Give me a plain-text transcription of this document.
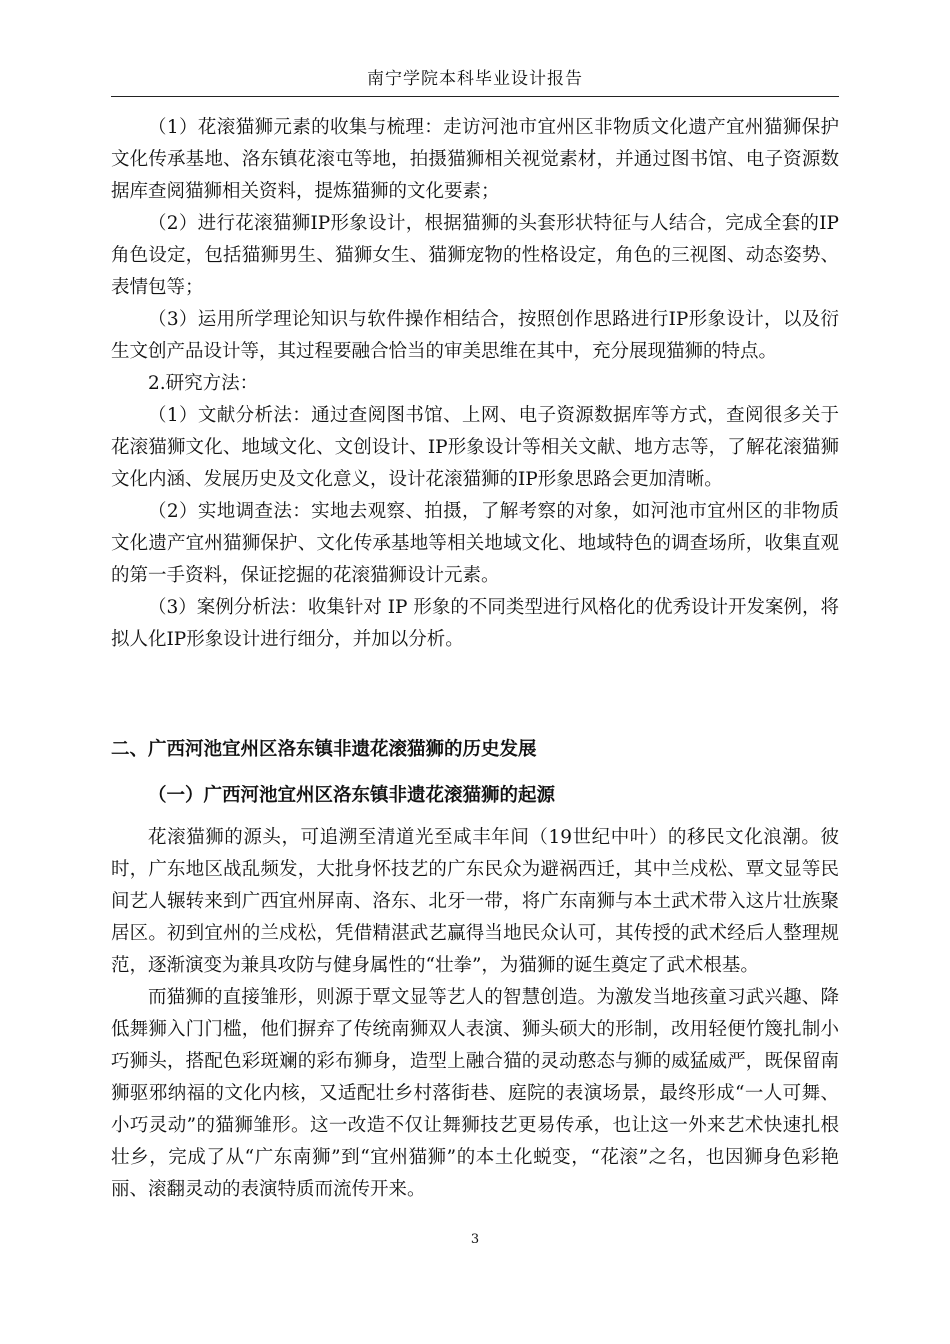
南宁学院本科毕业设计报告

（1）花滚猫狮元素的收集与梳理：走访河池市宜州区非物质文化遗产宜州猫狮保护文化传承基地、洛东镇花滚屯等地，拍摄猫狮相关视觉素材，并通过图书馆、电子资源数据库查阅猫狮相关资料，提炼猫狮的文化要素；

（2）进行花滚猫狮IP形象设计，根据猫狮的头套形状特征与人结合，完成全套的IP角色设定，包括猫狮男生、猫狮女生、猫狮宠物的性格设定，角色的三视图、动态姿势、表情包等；

（3）运用所学理论知识与软件操作相结合，按照创作思路进行IP形象设计，以及衍生文创产品设计等，其过程要融合恰当的审美思维在其中，充分展现猫狮的特点。

2.研究方法：

（1）文献分析法：通过查阅图书馆、上网、电子资源数据库等方式，查阅很多关于花滚猫狮文化、地域文化、文创设计、IP形象设计等相关文献、地方志等，了解花滚猫狮文化内涵、发展历史及文化意义，设计花滚猫狮的IP形象思路会更加清晰。

（2）实地调查法：实地去观察、拍摄，了解考察的对象，如河池市宜州区的非物质文化遗产宜州猫狮保护、文化传承基地等相关地域文化、地域特色的调查场所，收集直观的第一手资料，保证挖掘的花滚猫狮设计元素。

（3）案例分析法：收集针对 IP 形象的不同类型进行风格化的优秀设计开发案例，将拟人化IP形象设计进行细分，并加以分析。

二、广西河池宜州区洛东镇非遗花滚猫狮的历史发展

（一）广西河池宜州区洛东镇非遗花滚猫狮的起源

花滚猫狮的源头，可追溯至清道光至咸丰年间（19世纪中叶）的移民文化浪潮。彼时，广东地区战乱频发，大批身怀技艺的广东民众为避祸西迁，其中兰戍松、覃文显等民间艺人辗转来到广西宜州屏南、洛东、北牙一带，将广东南狮与本土武术带入这片壮族聚居区。初到宜州的兰戍松，凭借精湛武艺赢得当地民众认可，其传授的武术经后人整理规范，逐渐演变为兼具攻防与健身属性的“壮拳”，为猫狮的诞生奠定了武术根基。

而猫狮的直接雏形，则源于覃文显等艺人的智慧创造。为激发当地孩童习武兴趣、降低舞狮入门门槛，他们摒弃了传统南狮双人表演、狮头硕大的形制，改用轻便竹篾扎制小巧狮头，搭配色彩斑斓的彩布狮身，造型上融合猫的灵动憨态与狮的威猛威严，既保留南狮驱邪纳福的文化内核，又适配壮乡村落街巷、庭院的表演场景，最终形成“一人可舞、小巧灵动”的猫狮雏形。这一改造不仅让舞狮技艺更易传承，也让这一外来艺术快速扎根壮乡，完成了从“广东南狮”到“宜州猫狮”的本土化蜕变，“花滚”之名，也因狮身色彩艳丽、滚翻灵动的表演特质而流传开来。

3
